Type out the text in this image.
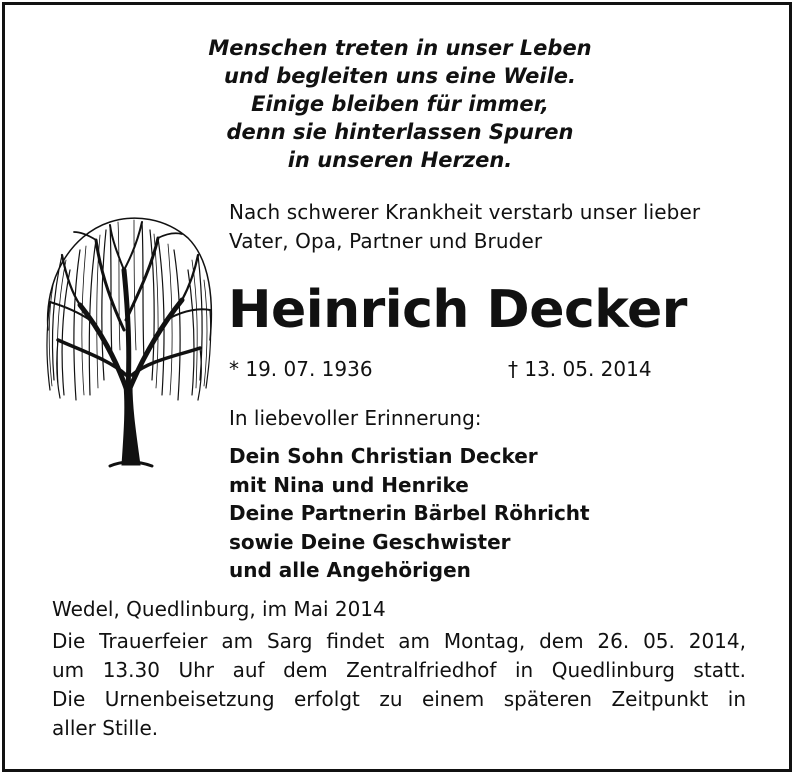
Menschen treten in unser Leben
und begleiten uns eine Weile.
Einige bleiben für immer,
denn sie hinterlassen Spuren
in unseren Herzen.
Nach schwerer Krankheit verstarb unser lieber
Vater, Opa, Partner und Bruder
Heinrich Decker
* 19. 07. 1936	† 13. 05. 2014
In liebevoller Erinnerung:
Dein Sohn Christian Decker
mit Nina und Henrike
Deine Partnerin Bärbel Röhricht
sowie Deine Geschwister
und alle Angehörigen
Wedel, Quedlinburg, im Mai 2014
Die Trauerfeier am Sarg findet am Montag, dem 26. 05. 2014,
um 13.30 Uhr auf dem Zentralfriedhof in Quedlinburg statt.
Die Urnenbeisetzung erfolgt zu einem späteren Zeitpunkt in
aller Stille.
